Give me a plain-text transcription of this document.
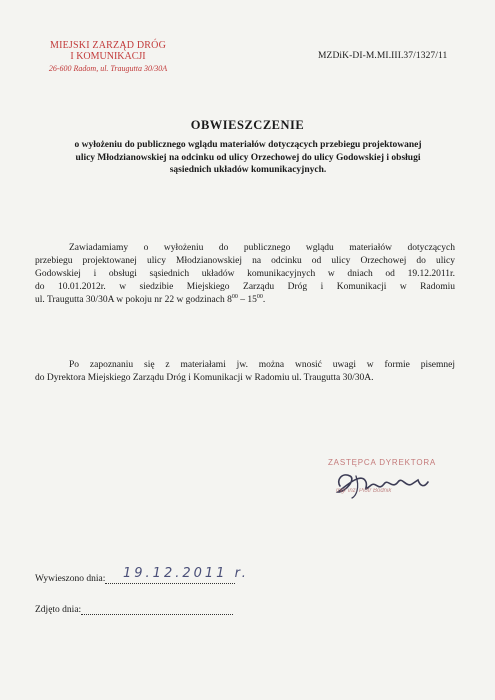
MIEJSKI ZARZĄD DRÓG
I KOMUNIKACJI
26-600 Radom, ul. Traugutta 30/30A
MZDiK-DI-M.MI.III.37/1327/11
OBWIESZCZENIE
o wyłożeniu do publicznego wglądu materiałów dotyczących przebiegu projektowanej
ulicy Młodzianowskiej na odcinku od ulicy Orzechowej do ulicy Godowskiej i obsługi
sąsiednich układów komunikacyjnych.
Zawiadamiamy o wyłożeniu do publicznego wglądu materiałów dotyczących
przebiegu projektowanej ulicy Młodzianowskiej na odcinku od ulicy Orzechowej do ulicy
Godowskiej i obsługi sąsiednich układów komunikacyjnych w dniach od 19.12.2011r.
do 10.01.2012r. w siedzibie Miejskiego Zarządu Dróg i Komunikacji w Radomiu
ul. Traugutta 30/30A w pokoju nr 22 w godzinach $8^{00} - 15^{00}$.
Po zapoznaniu się z materiałami jw. można wnosić uwagi w formie pisemnej
do Dyrektora Miejskiego Zarządu Dróg i Komunikacji w Radomiu ul. Traugutta 30/30A.
ZASTĘPCA DYREKTORA
mgr inż. Piotr Bodnik
Wywieszono dnia:	19.12.2011 r.
Zdjęto dnia:
